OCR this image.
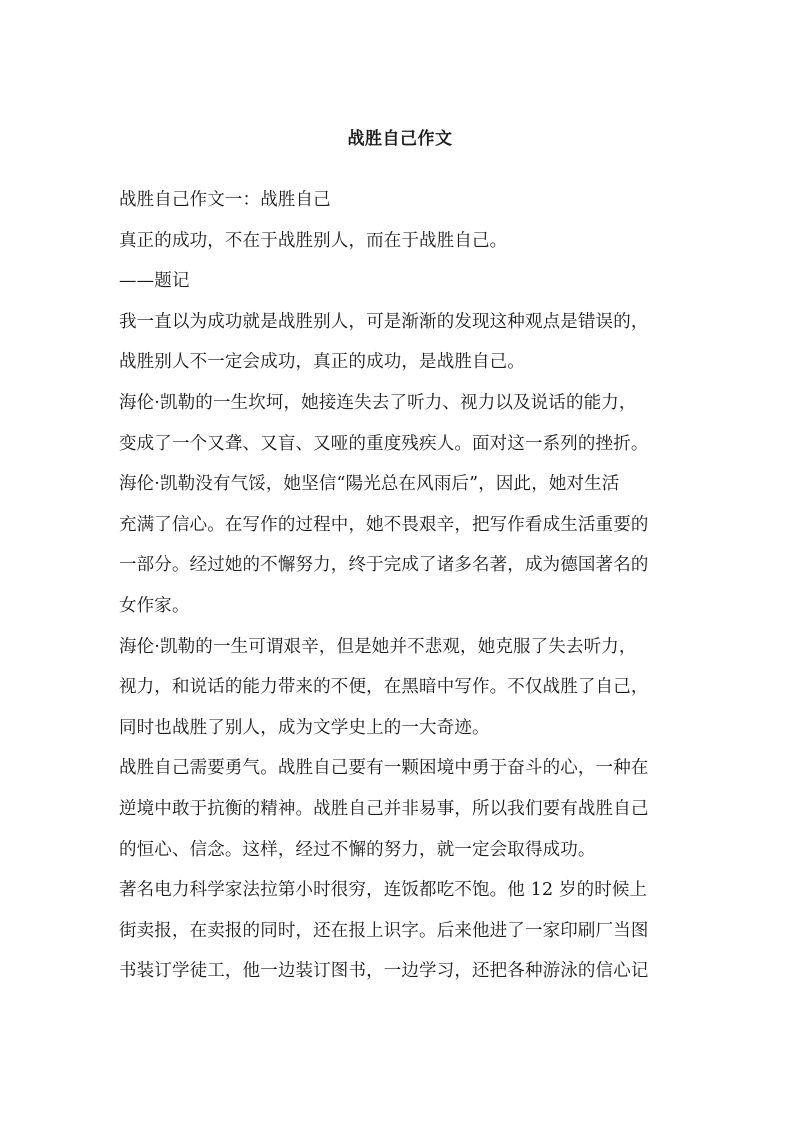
战胜自己作文
战胜自己作文一：战胜自己
真正的成功，不在于战胜别人，而在于战胜自己。
——题记
我一直以为成功就是战胜别人，可是渐渐的发现这种观点是错误的，
战胜别人不一定会成功，真正的成功，是战胜自己。
海伦·凯勒的一生坎坷，她接连失去了听力、视力以及说话的能力，
变成了一个又聋、又盲、又哑的重度残疾人。面对这一系列的挫折。
海伦·凯勒没有气馁，她坚信“陽光总在风雨后”，因此，她对生活
充满了信心。在写作的过程中，她不畏艰辛，把写作看成生活重要的
一部分。经过她的不懈努力，终于完成了诸多名著，成为德国著名的
女作家。
海伦·凯勒的一生可谓艰辛，但是她并不悲观，她克服了失去听力，
视力，和说话的能力带来的不便，在黑暗中写作。不仅战胜了自己，
同时也战胜了别人，成为文学史上的一大奇迹。
战胜自己需要勇气。战胜自己要有一颗困境中勇于奋斗的心，一种在
逆境中敢于抗衡的精神。战胜自己并非易事，所以我们要有战胜自己
的恒心、信念。这样，经过不懈的努力，就一定会取得成功。
著名电力科学家法拉第小时很穷，连饭都吃不饱。他 12 岁的时候上
街卖报，在卖报的同时，还在报上识字。后来他进了一家印刷厂当图
书装订学徒工，他一边装订图书，一边学习，还把各种游泳的信心记
